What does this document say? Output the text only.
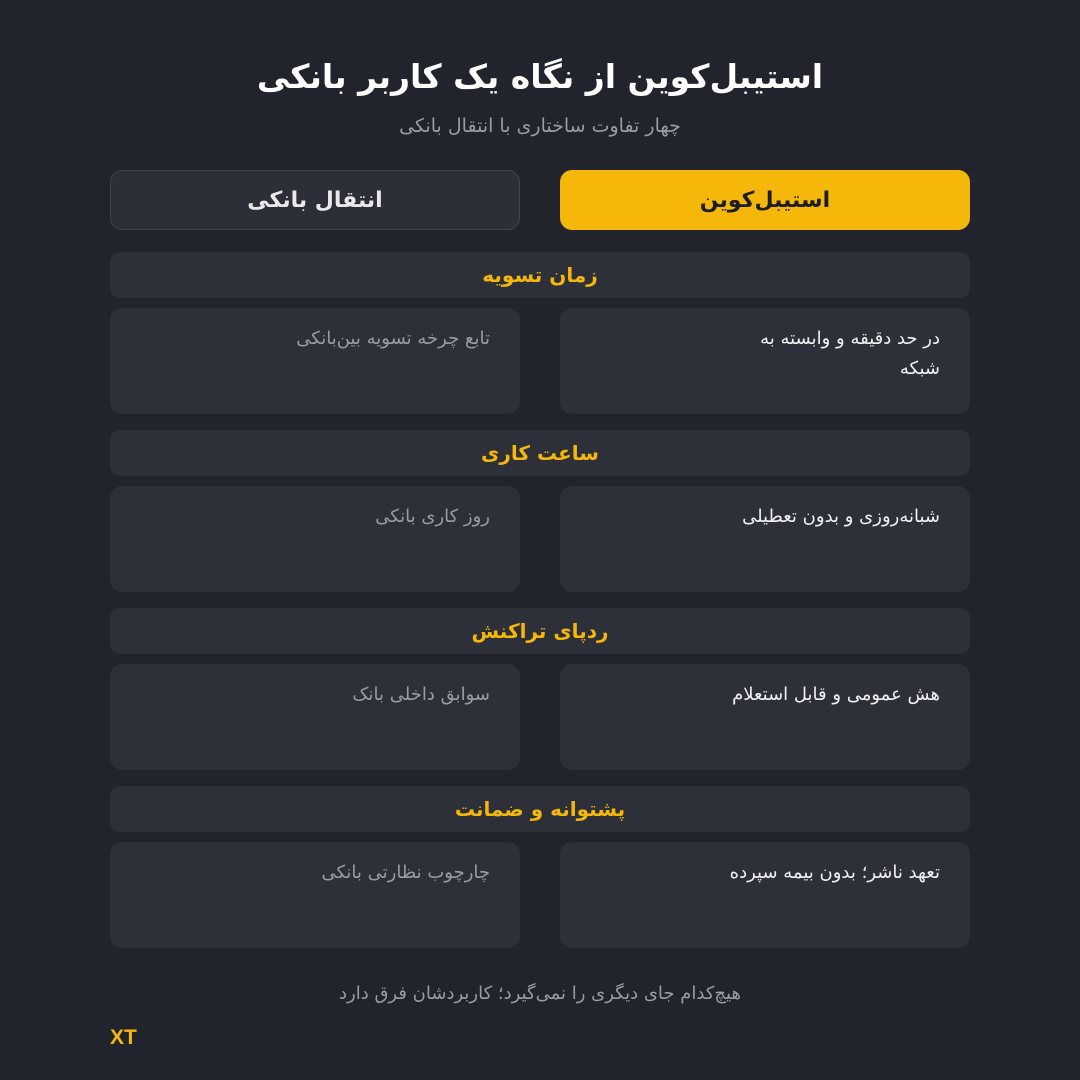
استیبل‌کوین از نگاه یک کاربر بانکی

چهار تفاوت ساختاری با انتقال بانکی

استیبل‌کوین
انتقال بانکی
زمان تسویه
در حد دقیقه و وابسته به شبکه
تابع چرخه تسویه بین‌بانکی
ساعت کاری
شبانه‌روزی و بدون تعطیلی
روز کاری بانکی
ردپای تراکنش
هش عمومی و قابل استعلام
سوابق داخلی بانک
پشتوانه و ضمانت
تعهد ناشر؛ بدون بیمه سپرده
چارچوب نظارتی بانکی

هیچ‌کدام جای دیگری را نمی‌گیرد؛ کاربردشان فرق دارد

XT
